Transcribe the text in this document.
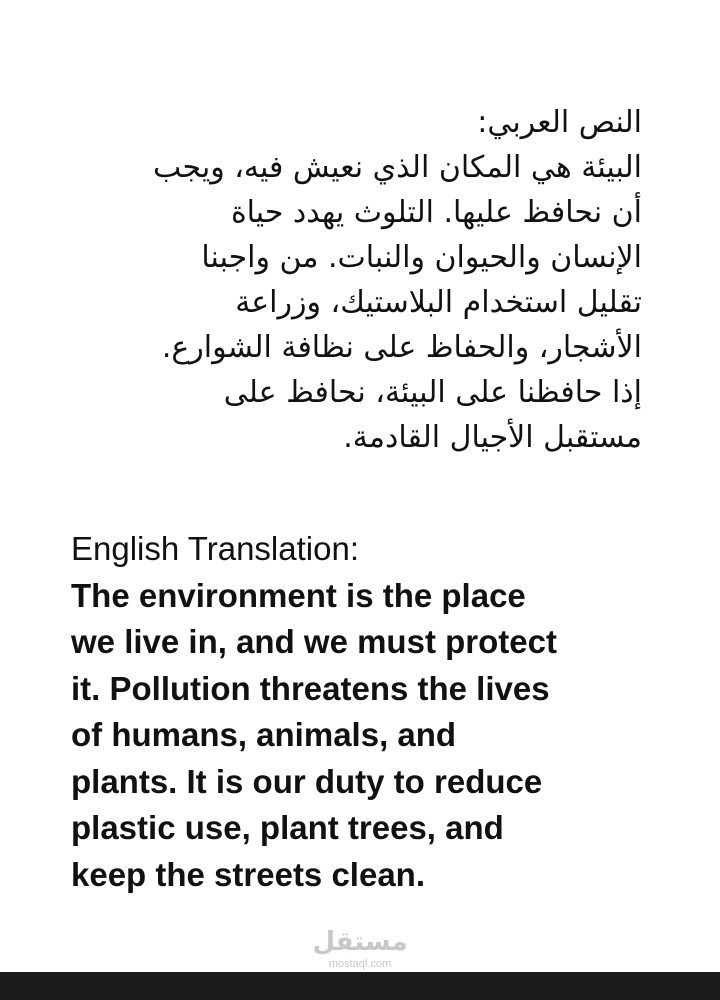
النص العربي:
البيئة هي المكان الذي نعيش فيه، ويجب
أن نحافظ عليها. التلوث يهدد حياة
الإنسان والحيوان والنبات. من واجبنا
تقليل استخدام البلاستيك، وزراعة
الأشجار، والحفاظ على نظافة الشوارع.
إذا حافظنا على البيئة، نحافظ على
مستقبل الأجيال القادمة.
English Translation:
The environment is the place
we live in, and we must protect
it. Pollution threatens the lives
of humans, animals, and
plants. It is our duty to reduce
plastic use, plant trees, and
keep the streets clean.
مستقل
mostaql.com
